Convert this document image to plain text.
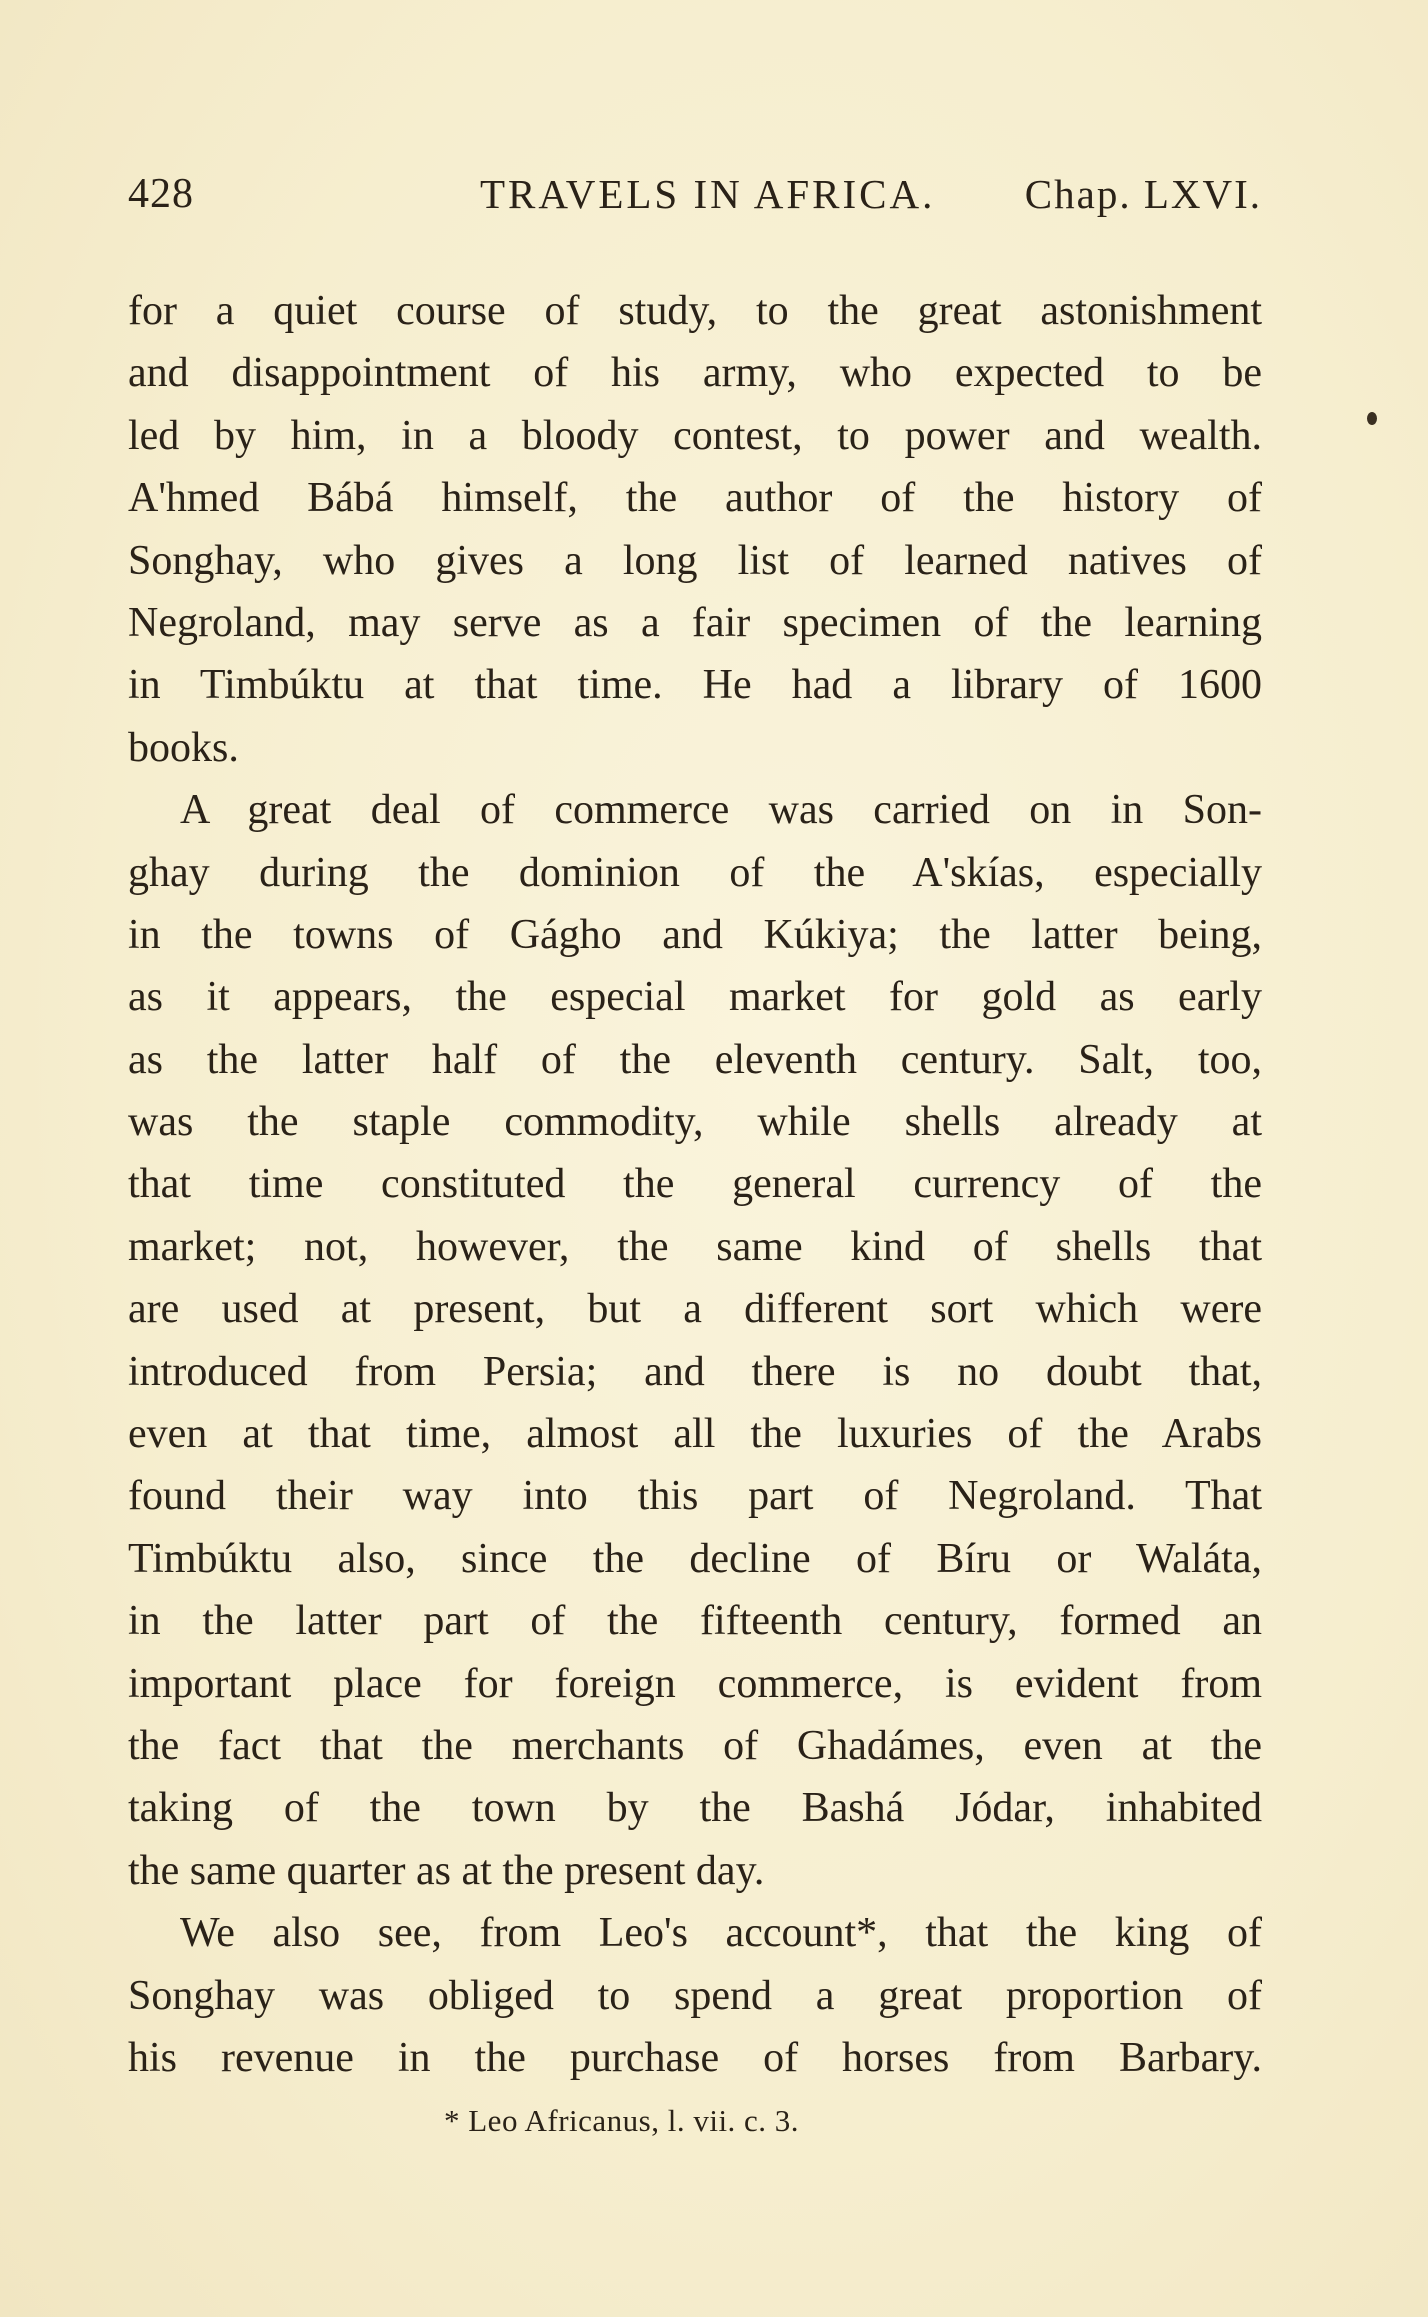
428	TRAVELS IN AFRICA. Chap. LXVI.
for a quiet course of study, to the great astonishment
and disappointment of his army, who expected to be
led by him, in a bloody contest, to power and wealth.
A'hmed Bábá himself, the author of the history of
Songhay, who gives a long list of learned natives of
Negroland, may serve as a fair specimen of the learning
in Timbúktu at that time. He had a library of 1600
books.
A great deal of commerce was carried on in Son-
ghay during the dominion of the A'skías, especially
in the towns of Gágho and Kúkiya; the latter being,
as it appears, the especial market for gold as early
as the latter half of the eleventh century. Salt, too,
was the staple commodity, while shells already at
that time constituted the general currency of the
market; not, however, the same kind of shells that
are used at present, but a different sort which were
introduced from Persia; and there is no doubt that,
even at that time, almost all the luxuries of the Arabs
found their way into this part of Negroland. That
Timbúktu also, since the decline of Bíru or Waláta,
in the latter part of the fifteenth century, formed an
important place for foreign commerce, is evident from
the fact that the merchants of Ghadámes, even at the
taking of the town by the Bashá Jódar, inhabited
the same quarter as at the present day.
We also see, from Leo's account*, that the king of
Songhay was obliged to spend a great proportion of
his revenue in the purchase of horses from Barbary.
* Leo Africanus, l. vii. c. 3.
